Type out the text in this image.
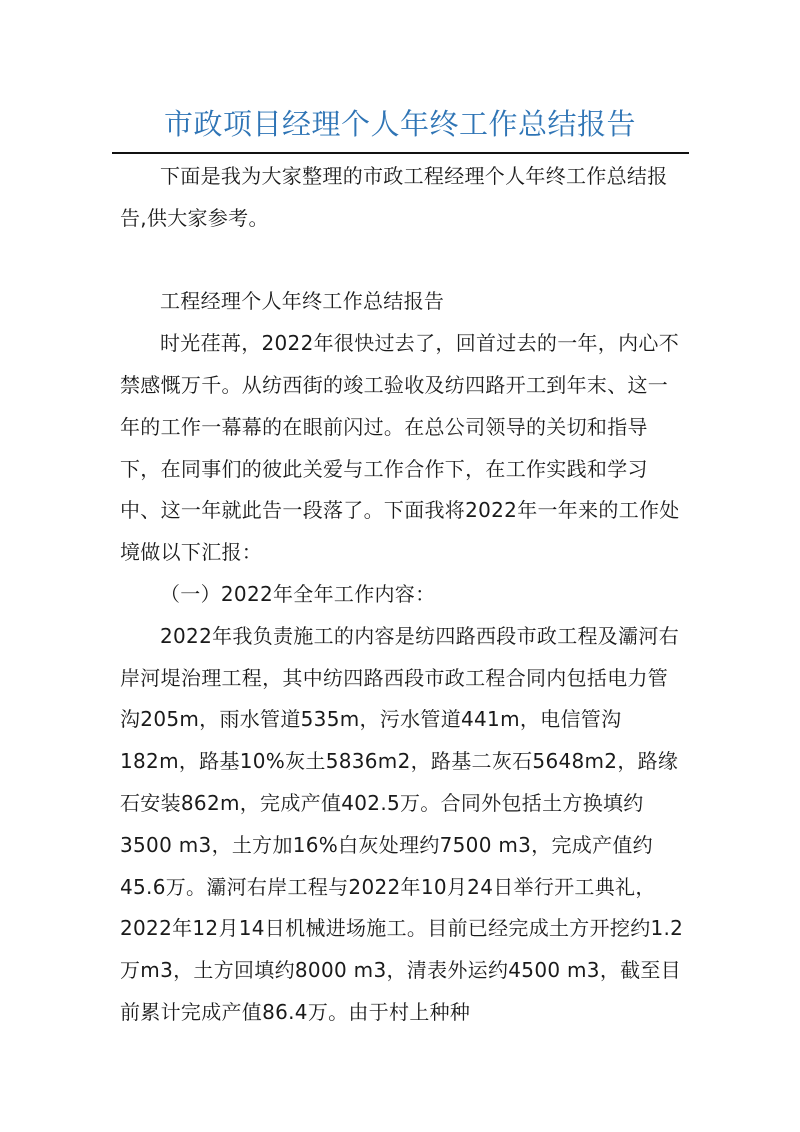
市政项目经理个人年终工作总结报告

下面是我为大家整理的市政工程经理个人年终工作总结报告,供大家参考。

工程经理个人年终工作总结报告

时光荏苒，2022年很快过去了，回首过去的一年，内心不禁感慨万千。从纺西街的竣工验收及纺四路开工到年末、这一年的工作一幕幕的在眼前闪过。在总公司领导的关切和指导下，在同事们的彼此关爱与工作合作下，在工作实践和学习中、这一年就此告一段落了。下面我将2022年一年来的工作处境做以下汇报：

（一）2022年全年工作内容：

2022年我负责施工的内容是纺四路西段市政工程及灞河右岸河堤治理工程，其中纺四路西段市政工程合同内包括电力管沟205m，雨水管道535m，污水管道441m，电信管沟182m，路基10%灰土5836m2，路基二灰石5648m2，路缘石安装862m，完成产值402.5万。合同外包括土方换填约3500 m3，土方加16%白灰处理约7500 m3，完成产值约45.6万。灞河右岸工程与2022年10月24日举行开工典礼，2022年12月14日机械进场施工。目前已经完成土方开挖约1.2万m3，土方回填约8000 m3，清表外运约4500 m3，截至目前累计完成产值86.4万。由于村上种种
